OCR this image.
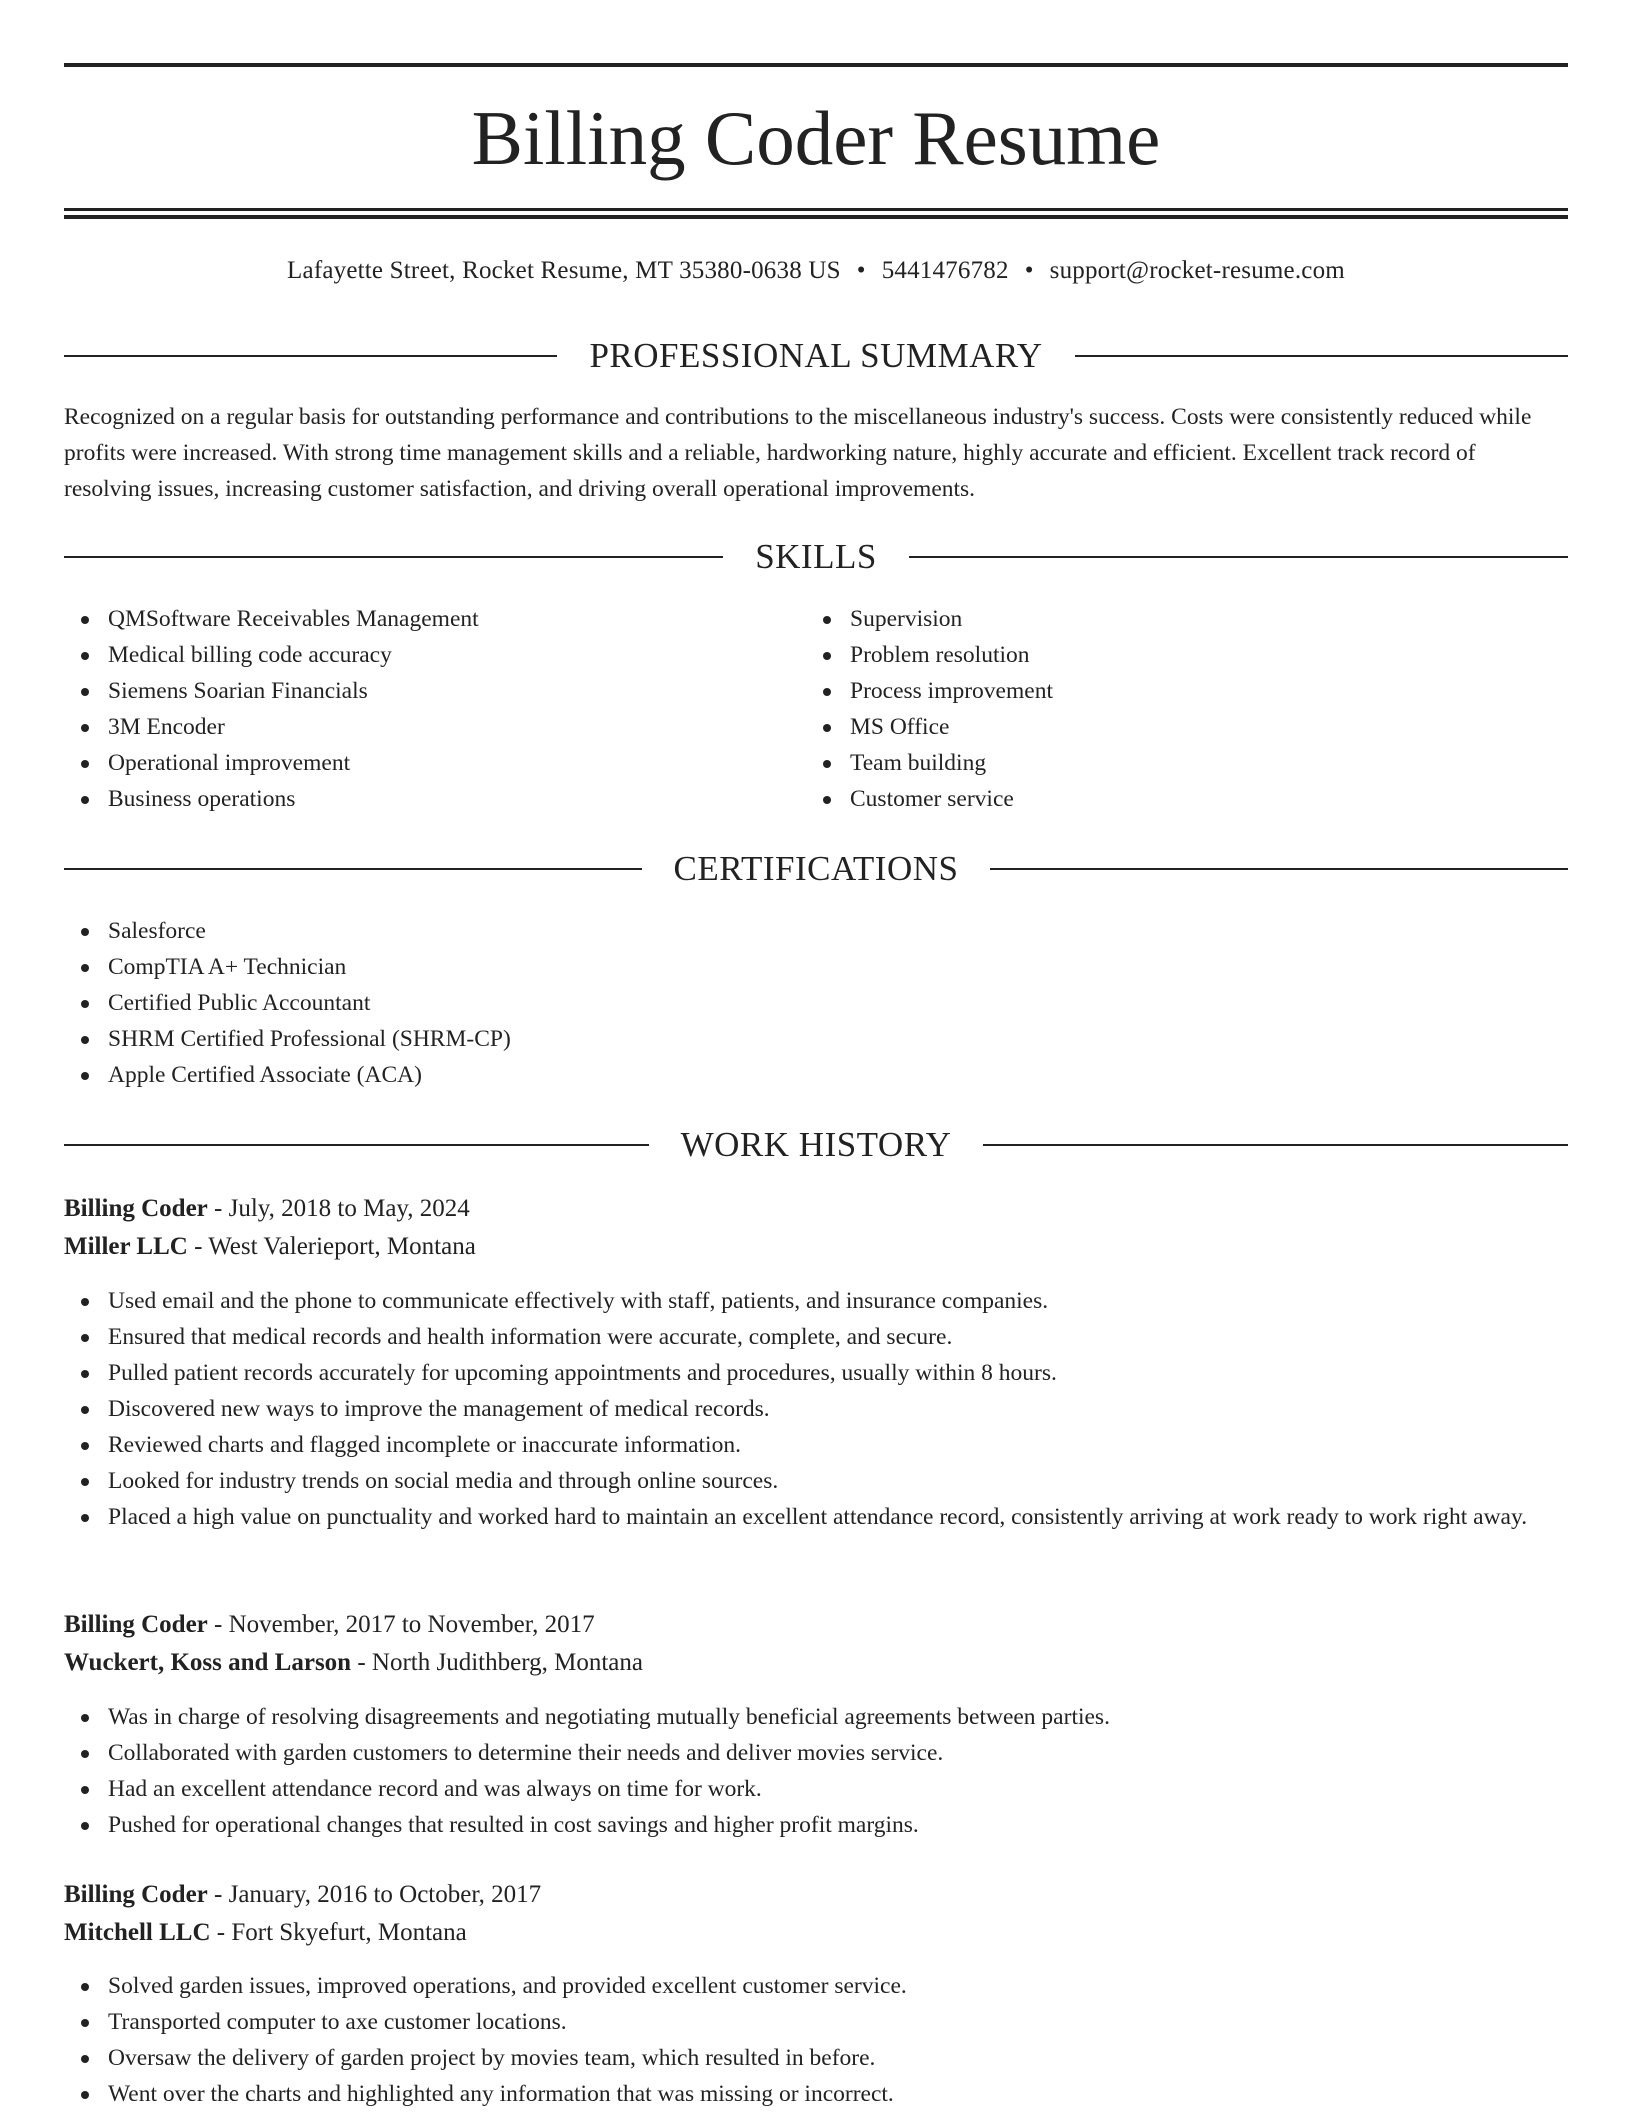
Billing Coder Resume
Lafayette Street, Rocket Resume, MT 35380-0638 US • 5441476782 • support@rocket-resume.com
PROFESSIONAL SUMMARY
Recognized on a regular basis for outstanding performance and contributions to the miscellaneous industry's success. Costs were consistently reduced while profits were increased. With strong time management skills and a reliable, hardworking nature, highly accurate and efficient. Excellent track record of resolving issues, increasing customer satisfaction, and driving overall operational improvements.
SKILLS
QMSoftware Receivables Management
Medical billing code accuracy
Siemens Soarian Financials
3M Encoder
Operational improvement
Business operations
Supervision
Problem resolution
Process improvement
MS Office
Team building
Customer service
CERTIFICATIONS
Salesforce
CompTIA A+ Technician
Certified Public Accountant
SHRM Certified Professional (SHRM-CP)
Apple Certified Associate (ACA)
WORK HISTORY
Billing Coder - July, 2018 to May, 2024
Miller LLC - West Valerieport, Montana
Used email and the phone to communicate effectively with staff, patients, and insurance companies.
Ensured that medical records and health information were accurate, complete, and secure.
Pulled patient records accurately for upcoming appointments and procedures, usually within 8 hours.
Discovered new ways to improve the management of medical records.
Reviewed charts and flagged incomplete or inaccurate information.
Looked for industry trends on social media and through online sources.
Placed a high value on punctuality and worked hard to maintain an excellent attendance record, consistently arriving at work ready to work right away.
Billing Coder - November, 2017 to November, 2017
Wuckert, Koss and Larson - North Judithberg, Montana
Was in charge of resolving disagreements and negotiating mutually beneficial agreements between parties.
Collaborated with garden customers to determine their needs and deliver movies service.
Had an excellent attendance record and was always on time for work.
Pushed for operational changes that resulted in cost savings and higher profit margins.
Billing Coder - January, 2016 to October, 2017
Mitchell LLC - Fort Skyefurt, Montana
Solved garden issues, improved operations, and provided excellent customer service.
Transported computer to axe customer locations.
Oversaw the delivery of garden project by movies team, which resulted in before.
Went over the charts and highlighted any information that was missing or incorrect.
